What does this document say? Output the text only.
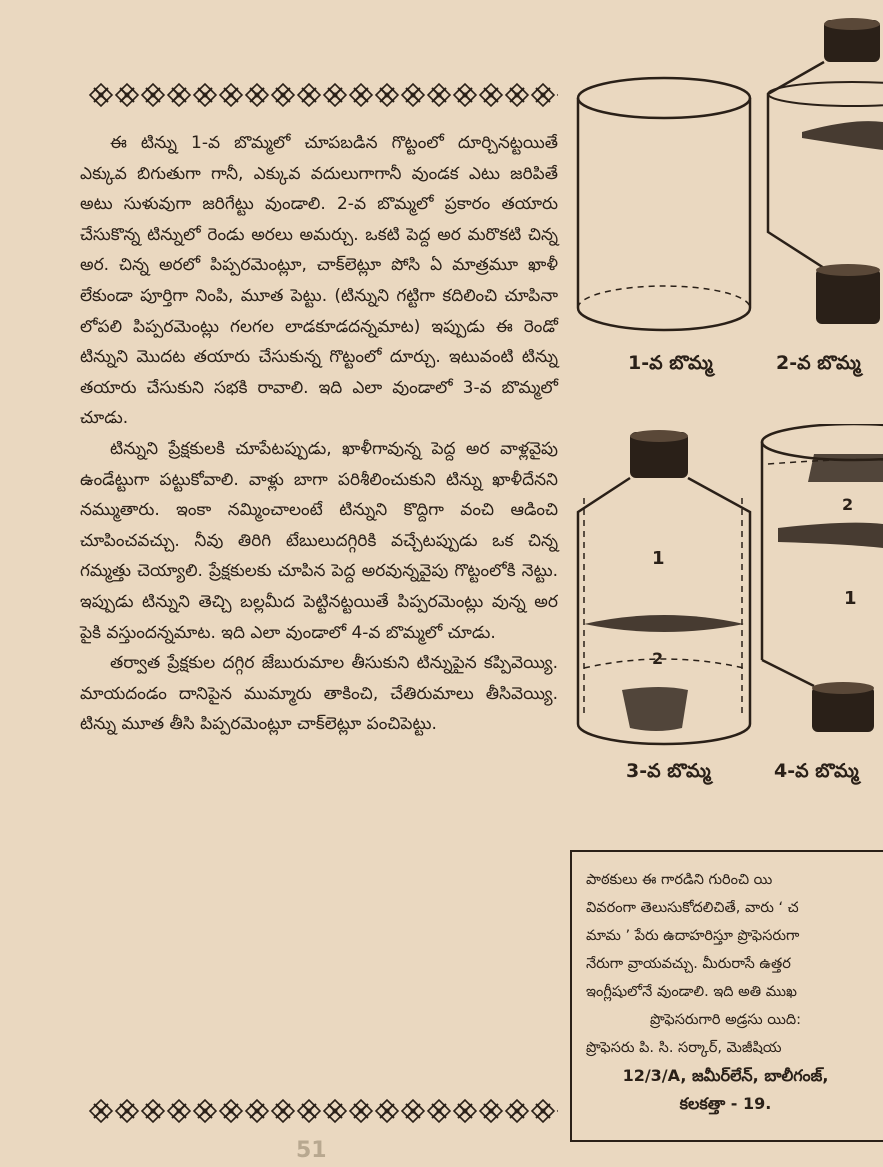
ఈ టిన్ను 1-వ బొమ్మలో చూపబడిన గొట్టంలో దూర్చినట్టయితే ఎక్కువ బిగుతుగా గానీ, ఎక్కువ వదులుగాగానీ వుండక ఎటు జరిపితే అటు సుళువుగా జరిగేట్టు వుండాలి. 2-వ బొమ్మలో ప్రకారం తయారు చేసుకొన్న టిన్నులో రెండు అరలు అమర్చు. ఒకటి పెద్ద అర మరొకటి చిన్న అర. చిన్న అరలో పిప్పరమెంట్లూ, చాక్‌లెట్లూ పోసి ఏ మాత్రమూ ఖాళీ లేకుండా పూర్తిగా నింపి, మూత పెట్టు. (టిన్నుని గట్టిగా కదిలించి చూపినా లోపలి పిప్పరమెంట్లు గలగల లాడకూడదన్నమాట) ఇప్పుడు ఈ రెండో టిన్నుని మొదట తయారు చేసుకున్న గొట్టంలో దూర్చు. ఇటువంటి టిన్ను తయారు చేసుకుని సభకి రావాలి. ఇది ఎలా వుండాలో 3-వ బొమ్మలో చూడు.

టిన్నుని ప్రేక్షకులకి చూపేటప్పుడు, ఖాళీగావున్న పెద్ద అర వాళ్లవైపు ఉండేట్టుగా పట్టుకోవాలి. వాళ్లు బాగా పరిశీలించుకుని టిన్ను ఖాళీదేనని నమ్ముతారు. ఇంకా నమ్మించాలంటే టిన్నుని కొద్దిగా వంచి ఆడించి చూపించవచ్చు. నీవు తిరిగి టేబులుదగ్గిరికి వచ్చేటప్పుడు ఒక చిన్న గమ్మత్తు చెయ్యాలి. ప్రేక్షకులకు చూపిన పెద్ద అరవున్నవైపు గొట్టంలోకి నెట్టు. ఇప్పుడు టిన్నుని తెచ్చి బల్లమీద పెట్టినట్టయితే పిప్పరమెంట్లు వున్న అర పైకి వస్తుందన్నమాట. ఇది ఎలా వుండాలో 4-వ బొమ్మలో చూడు.

తర్వాత ప్రేక్షకుల దగ్గిర జేబురుమాల తీసుకుని టిన్నుపైన కప్పివెయ్యి. మాయదండం దానిపైన ముమ్మారు తాకించి, చేతిరుమాలు తీసివెయ్యి. టిన్ను మూత తీసి పిప్పరమెంట్లూ చాక్‌లెట్లూ పంచిపెట్టు.

1-వ బొమ్మ	2-వ బొమ్మ
1
2
3-వ బొమ్మ
2
1
4-వ బొమ్మ
పాఠకులు ఈ గారడిని గురించి యి
వివరంగా తెలుసుకోదలిచితే, వారు ‘ చ
మామ ’ పేరు ఉదాహరిస్తూ ప్రొఫెసరుగా
నేరుగా వ్రాయవచ్చు. మీరురాసే ఉత్తర
ఇంగ్లీషులోనే వుండాలి. ఇది అతి ముఖ
ప్రొఫెసరుగారి అడ్రసు యిది:
ప్రొఫెసరు పి. సి. సర్కార్, మెజీషియ
12/3/A, జమీర్‌లేన్, బాలీగంజ్,
కలకత్తా - 19.
51
